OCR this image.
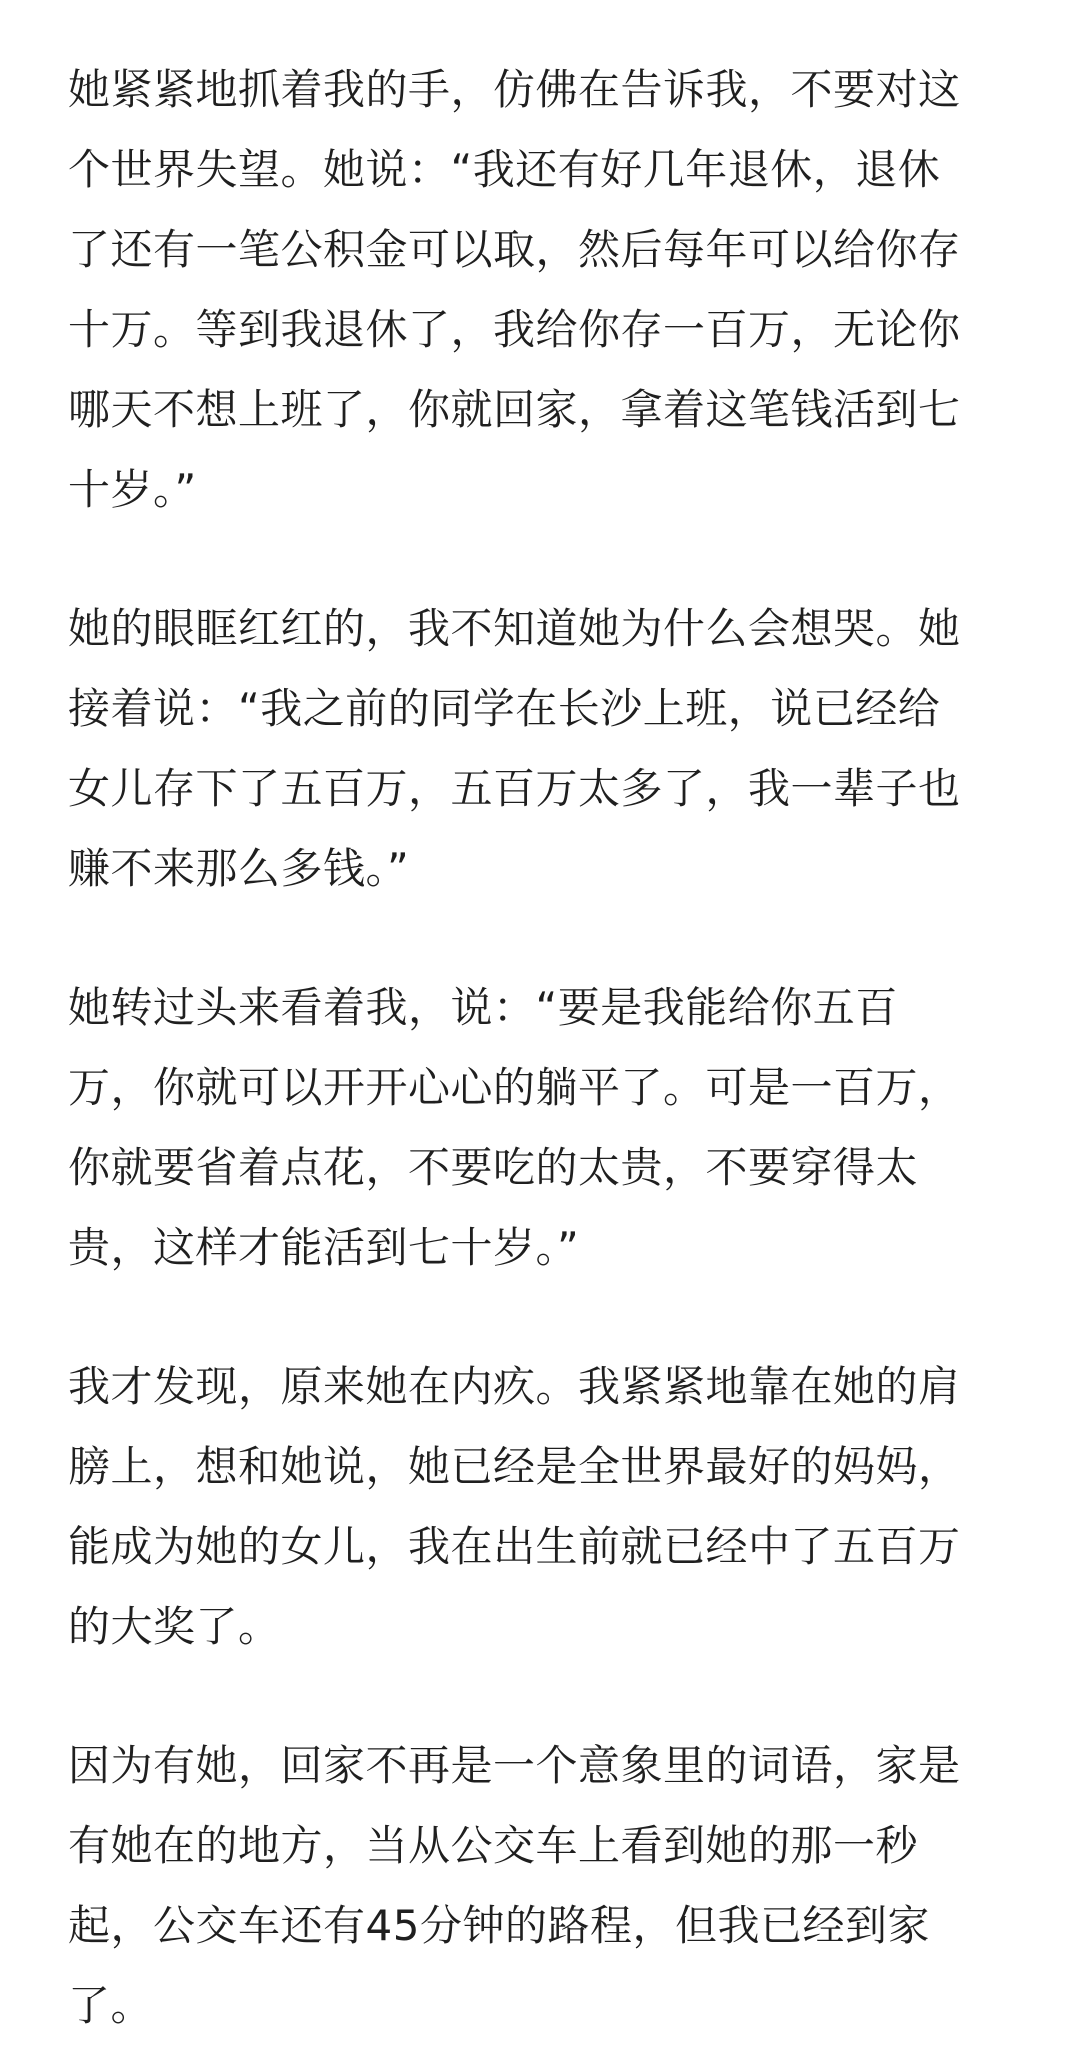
她紧紧地抓着我的手，仿佛在告诉我，不要对这
个世界失望。她说：“我还有好几年退休，退休
了还有一笔公积金可以取，然后每年可以给你存
十万。等到我退休了，我给你存一百万，无论你
哪天不想上班了，你就回家，拿着这笔钱活到七
十岁。”
她的眼眶红红的，我不知道她为什么会想哭。她
接着说：“我之前的同学在长沙上班，说已经给
女儿存下了五百万，五百万太多了，我一辈子也
赚不来那么多钱。”
她转过头来看着我，说：“要是我能给你五百
万，你就可以开开心心的躺平了。可是一百万，
你就要省着点花，不要吃的太贵，不要穿得太
贵，这样才能活到七十岁。”
我才发现，原来她在内疚。我紧紧地靠在她的肩
膀上，想和她说，她已经是全世界最好的妈妈，
能成为她的女儿，我在出生前就已经中了五百万
的大奖了。
因为有她，回家不再是一个意象里的词语，家是
有她在的地方，当从公交车上看到她的那一秒
起，公交车还有45分钟的路程，但我已经到家
了。
